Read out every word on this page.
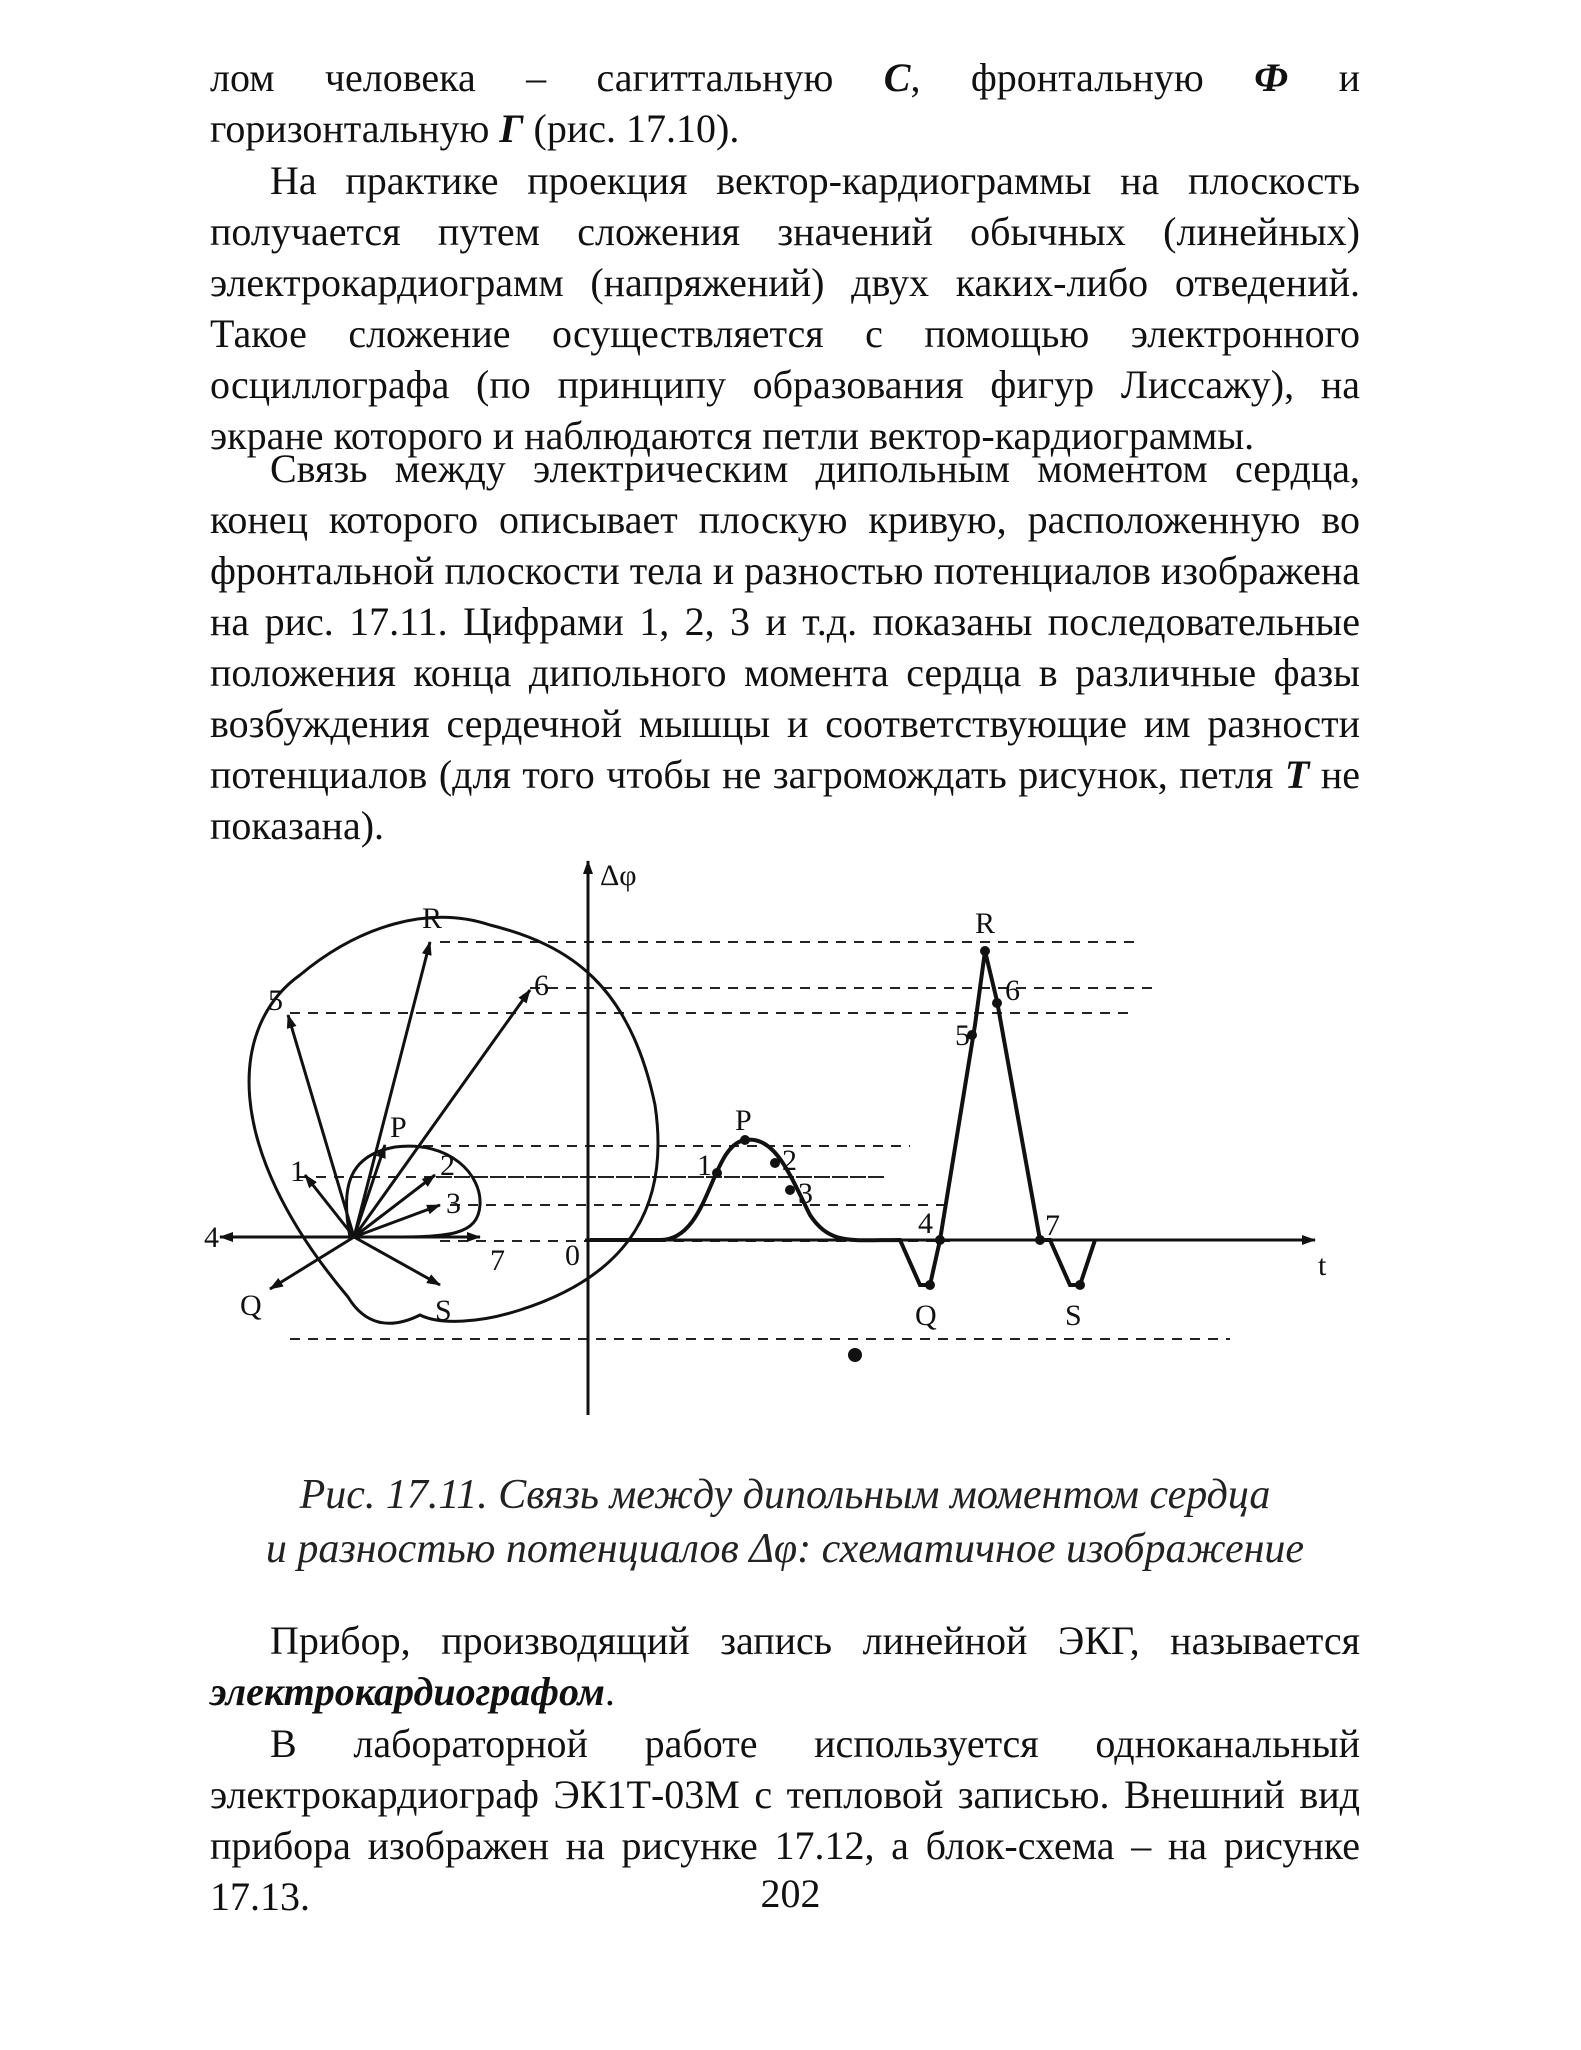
лом человека – сагиттальную C, фронтальную Ф и горизонтальную Г (рис. 17.10).

На практике проекция вектор-кардиограммы на плоскость получается путем сложения значений обычных (линейных) электрокардиограмм (напряжений) двух каких-либо отведений. Такое сложение осуществляется с помощью электронного осциллографа (по принципу образования фигур Лиссажу), на экране которого и наблюдаются петли вектор-кардиограммы.

Связь между электрическим дипольным моментом сердца, конец которого описывает плоскую кривую, расположенную во фронтальной плоскости тела и разностью потенциалов изображена на рис. 17.11. Цифрами 1, 2, 3 и т.д. показаны последовательные положения конца дипольного момента сердца в различные фазы возбуждения сердечной мышцы и соответствующие им разности потенциалов (для того чтобы не загромождать рисунок, петля T не показана).

R
6
5
P
1	2
3
4
7
Q	S
Δφ
t
0
P
1 2
3
4
Q
5
R
6
7
S
Рис. 17.11. Связь между дипольным моментом сердца
и разностью потенциалов Δφ: схематичное изображение

Прибор, производящий запись линейной ЭКГ, называется электрокардиографом.

В лабораторной работе используется одноканальный электрокардиограф ЭК1Т-03М с тепловой записью. Внешний вид прибора изображен на рисунке 17.12, а блок-схема – на рисунке 17.13.	202
